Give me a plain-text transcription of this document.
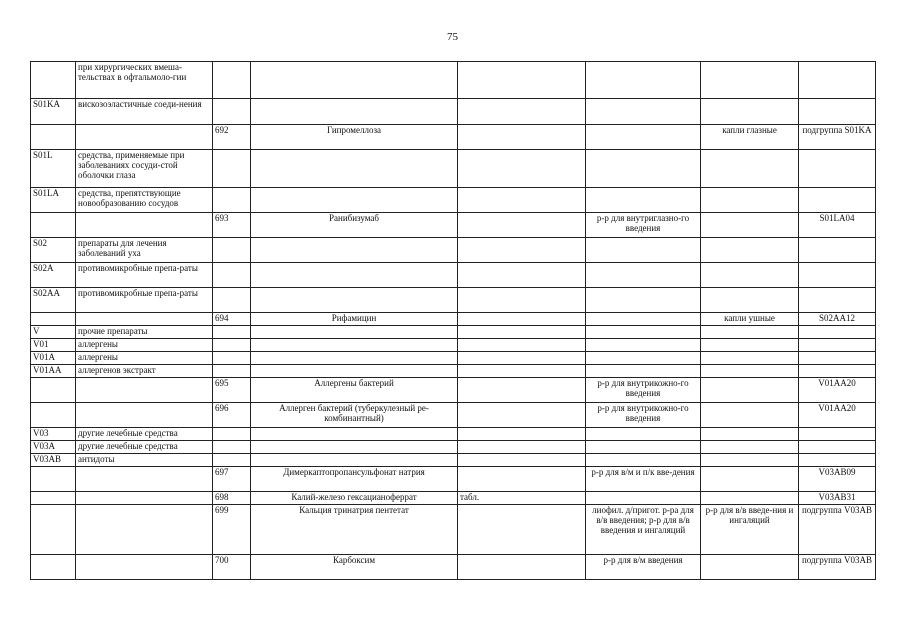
75
	при хирургических вмеша-тельствах в офтальмоло-гии						
S01KA	вискозоэластичные соеди-нения						
		692	Гипромеллоза			капли глазные	подгруппа S01KA
S01L	средства, применяемые при заболеваниях сосуди-стой оболочки глаза						
S01LA	средства, препятствующие новообразованию сосудов						
		693	Ранибизумаб		р-р для внутриглазно-го введения		S01LA04
S02	препараты для лечения заболеваний уха						
S02A	противомикробные препа-раты						
S02AA	противомикробные препа-раты						
		694	Рифамицин			капли ушные	S02AA12
V	прочие препараты						
V01	аллергены						
V01A	аллергены						
V01AA	аллергенов экстракт						
		695	Аллергены бактерий		р-р для внутрикожно-го введения		V01AA20
		696	Аллерген бактерий (туберкулезный ре-комбинантный)		р-р для внутрикожно-го введения		V01AA20
V03	другие лечебные средства						
V03A	другие лечебные средства						
V03AB	антидоты						
		697	Димеркаптопропансульфонат натрия		р-р для в/м и п/к вве-дения		V03AB09
		698	Калий-железо гексацианоферрат	табл.			V03AB31
		699	Кальция тринатрия пентетат		лиофил. д/пригот. р-ра для в/в введения; р-р для в/в введения и ингаляций	р-р для в/в введе-ния и ингаляций	подгруппа V03AB
		700	Карбоксим		р-р для в/м введения		подгруппа V03AB
